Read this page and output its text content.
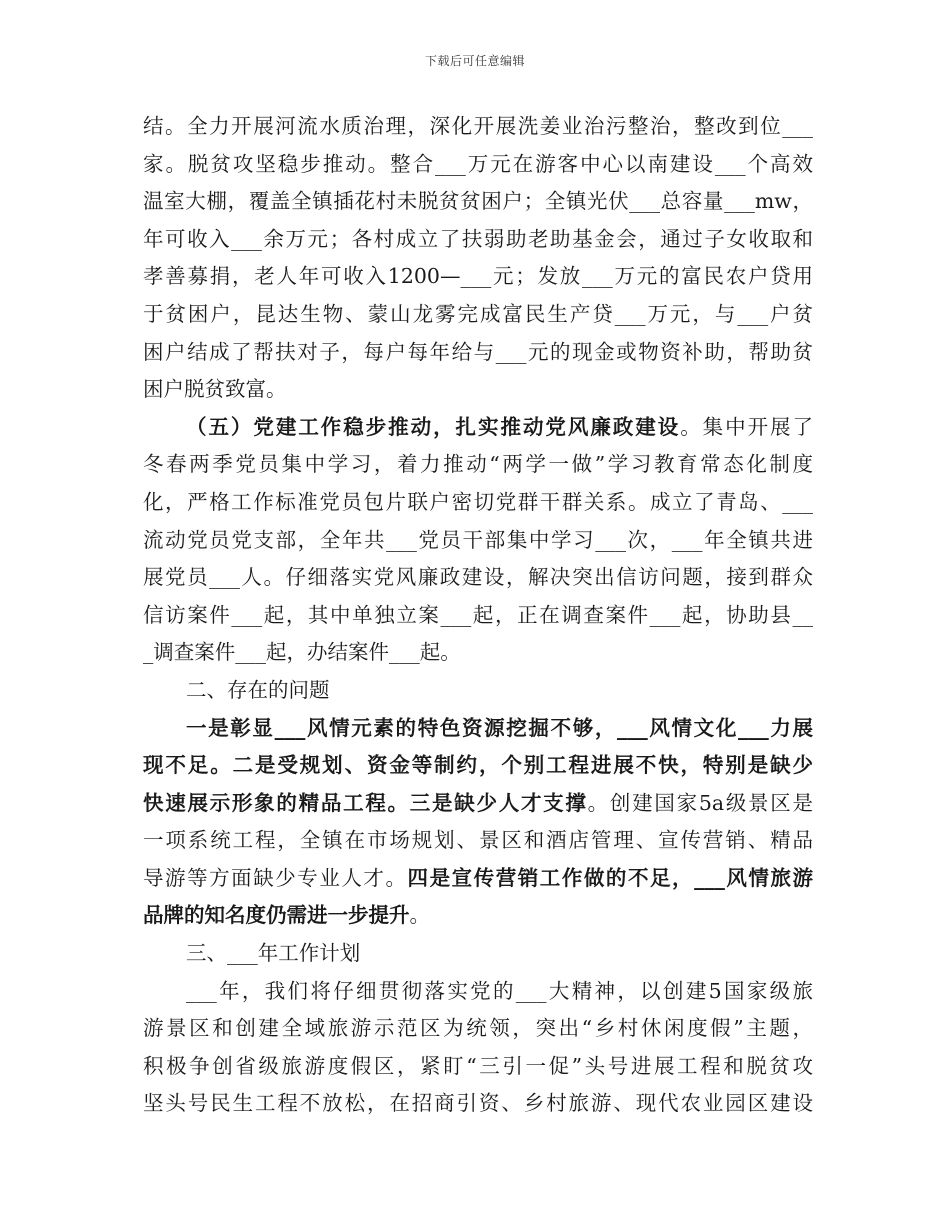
下载后可任意编辑
结。全力开展河流水质治理，深化开展洗姜业治污整治，整改到位___
家。脱贫攻坚稳步推动。整合___万元在游客中心以南建设___个高效
温室大棚，覆盖全镇插花村未脱贫贫困户；全镇光伏___总容量___mw，
年可收入___余万元；各村成立了扶弱助老助基金会，通过子女收取和
孝善募捐，老人年可收入1200—___元；发放___万元的富民农户贷用
于贫困户，昆达生物、蒙山龙雾完成富民生产贷___万元，与___户贫
困户结成了帮扶对子，每户每年给与___元的现金或物资补助，帮助贫
困户脱贫致富。
（五）党建工作稳步推动，扎实推动党风廉政建设。集中开展了
冬春两季党员集中学习，着力推动“两学一做”学习教育常态化制度
化，严格工作标准党员包片联户密切党群干群关系。成立了青岛、___
流动党员党支部，全年共___党员干部集中学习___次，___年全镇共进
展党员___人。仔细落实党风廉政建设，解决突出信访问题，接到群众
信访案件___起，其中单独立案___起，正在调查案件___起，协助县__
_调查案件___起，办结案件___起。
二、存在的问题
一是彰显___风情元素的特色资源挖掘不够，___风情文化___力展
现不足。二是受规划、资金等制约，个别工程进展不快，特别是缺少
快速展示形象的精品工程。三是缺少人才支撑。创建国家5a级景区是
一项系统工程，全镇在市场规划、景区和酒店管理、宣传营销、精品
导游等方面缺少专业人才。四是宣传营销工作做的不足，___风情旅游
品牌的知名度仍需进一步提升。
三、___年工作计划
___年，我们将仔细贯彻落实党的___大精神，以创建5国家级旅
游景区和创建全域旅游示范区为统领，突出“乡村休闲度假”主题，
积极争创省级旅游度假区，紧盯“三引一促”头号进展工程和脱贫攻
坚头号民生工程不放松，在招商引资、乡村旅游、现代农业园区建设
